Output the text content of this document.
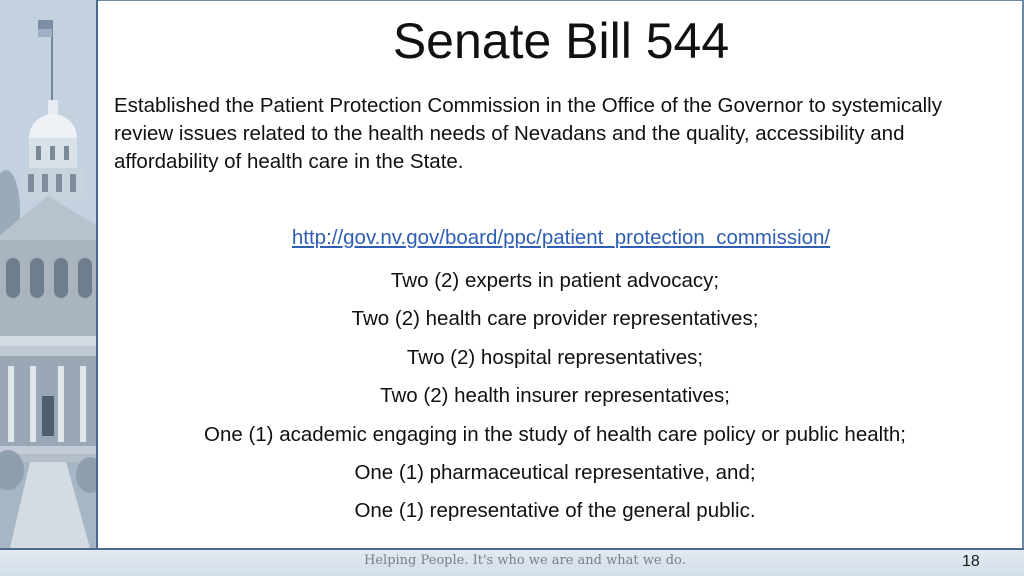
Senate Bill 544

Established the Patient Protection Commission in the Office of the Governor to systemically review issues related to the health needs of Nevadans and the quality, accessibility and affordability of health care in the State.

http://gov.nv.gov/board/ppc/patient_protection_commission/
Two (2) experts in patient advocacy;
Two (2) health care provider representatives;
Two (2) hospital representatives;
Two (2) health insurer representatives;
One (1) academic engaging in the study of health care policy or public health;
One (1) pharmaceutical representative, and;
One (1) representative of the general public.
Helping People. It's who we are and what we do.	18
